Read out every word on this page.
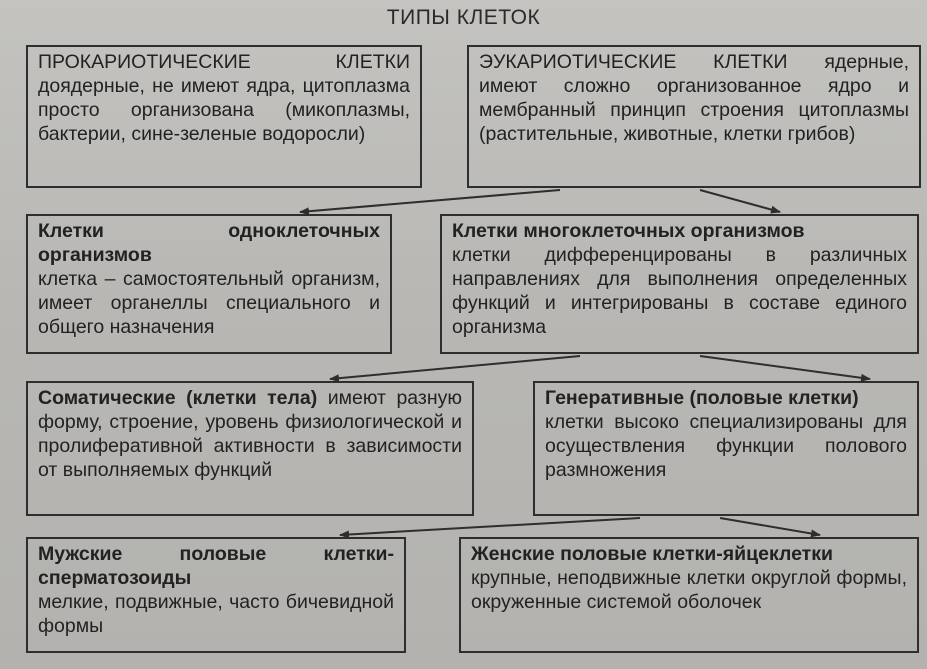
ТИПЫ КЛЕТОК
ПРОКАРИОТИЧЕСКИЕ КЛЕТКИ доядерные, не имеют ядра, цитоплазма просто организована (микоплазмы, бактерии, сине-зеленые водоросли)
ЭУКАРИОТИЧЕСКИЕ КЛЕТКИ ядерные, имеют сложно организованное ядро и мембранный принцип строения цитоплазмы (растительные, животные, клетки грибов)
Клетки одноклеточных организмов
клетка – самостоятельный организм, имеет органеллы специального и общего назначения
Клетки многоклеточных организмов
клетки дифференцированы в различных направлениях для выполнения определенных функций и интегрированы в составе единого организма
Соматические (клетки тела) имеют разную форму, строение, уровень физиологической и пролиферативной активности в зависимости от выполняемых функций
Генеративные (половые клетки)
клетки высоко специализированы для осуществления функции полового размножения
Мужские половые клетки-сперматозоиды
мелкие, подвижные, часто бичевидной формы
Женские половые клетки-яйцеклетки
крупные, неподвижные клетки округлой формы, окруженные системой оболочек
